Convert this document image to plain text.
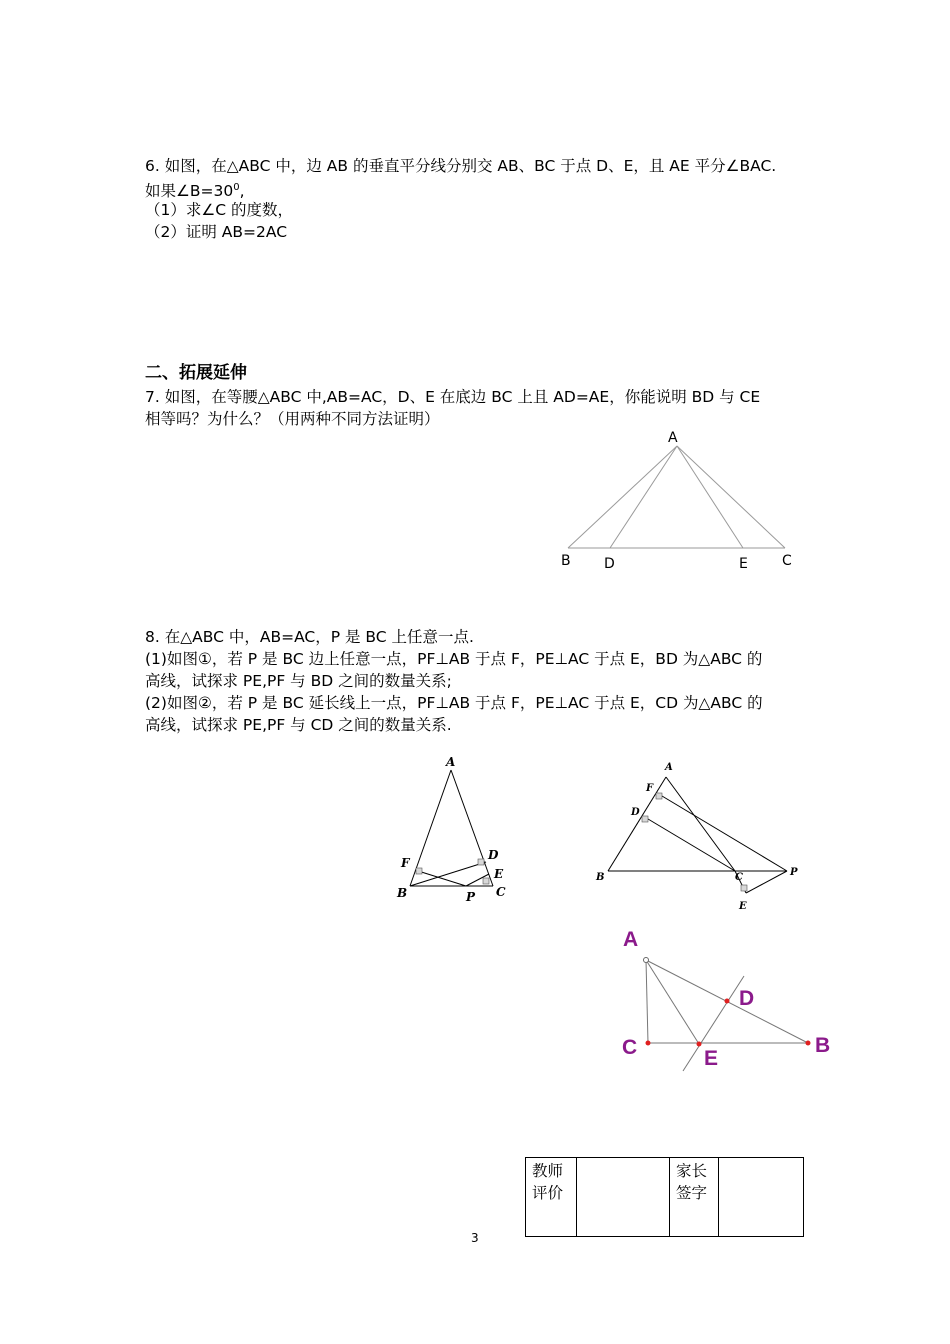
6. 如图，在△ABC 中，边 AB 的垂直平分线分别交 AB、BC 于点 D、E，且 AE 平分∠BAC.
如果$\angle B=30^0$,
（1）求∠C 的度数，
（2）证明 AB=2AC
二、拓展延伸
7. 如图，在等腰△ABC 中,AB=AC，D、E 在底边 BC 上且 AD=AE，你能说明 BD 与 CE
相等吗？为什么？（用两种不同方法证明）
A
B D	E C
8. 在△ABC 中，AB=AC，P 是 BC 上任意一点.
(1)如图①，若 P 是 BC 边上任意一点，PF⊥AB 于点 F，PE⊥AC 于点 E，BD 为△ABC 的
高线，试探求 PE,PF 与 BD 之间的数量关系;
(2)如图②，若 P 是 BC 延长线上一点，PF⊥AB 于点 F，PE⊥AC 于点 E，CD 为△ABC 的
高线，试探求 PE,PF 与 CD 之间的数量关系.
A
F
D
E
C
B	P
A
F
D
B	C	P
E
A
D
C	E
B
教师
评价		家长
签字	
3
